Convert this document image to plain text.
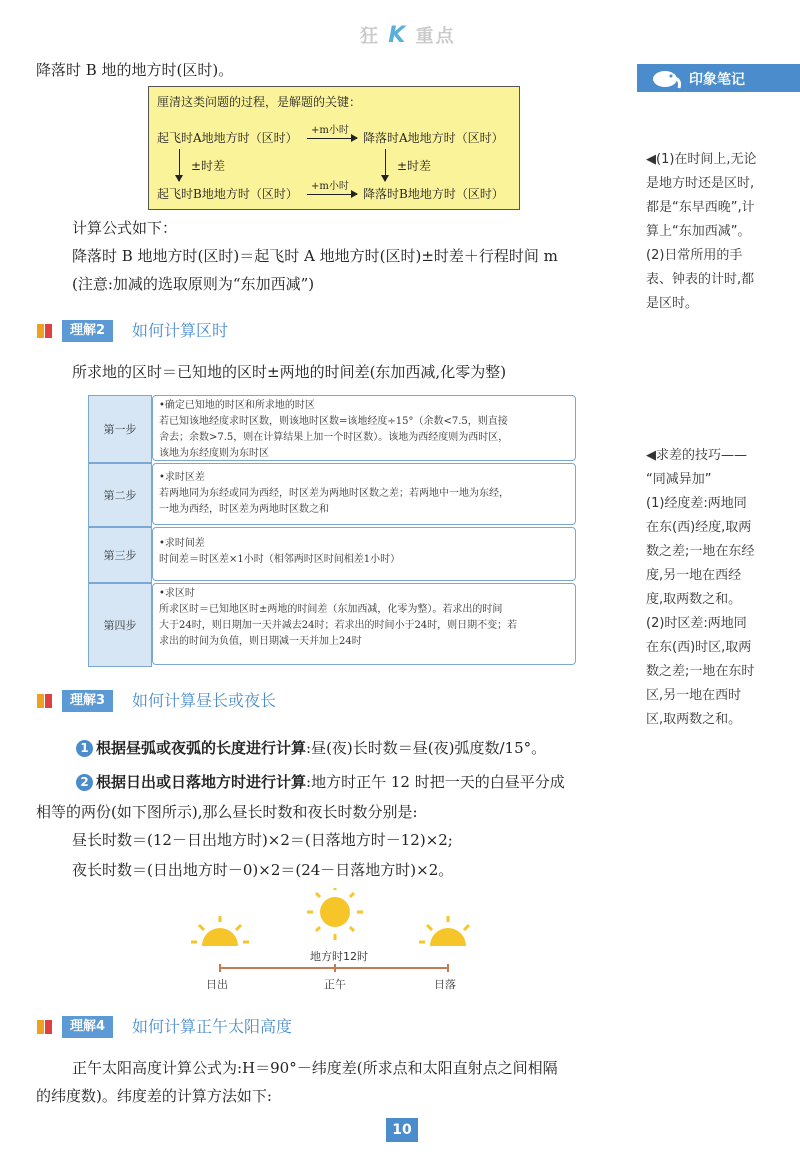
狂 K 重点
降落时 B 地的地方时(区时)。
厘清这类问题的过程，是解题的关键：
起飞时A地地方时（区时）	降落时A地地方时（区时）
起飞时B地地方时（区时）	降落时B地地方时（区时）
+m小时
+m小时
±时差	±时差
计算公式如下：
降落时 B 地地方时(区时)＝起飞时 A 地地方时(区时)±时差＋行程时间 m
(注意:加减的选取原则为“东加西减”)
理解2	如何计算区时
所求地的区时＝已知地的区时±两地的时间差(东加西减,化零为整)
第一步
•确定已知地的时区和所求地的时区
若已知该地经度求时区数，则该地时区数=该地经度÷15°（余数<7.5，则直接
舍去；余数>7.5，则在计算结果上加一个时区数）。该地为西经度则为西时区，
该地为东经度则为东时区
第二步
•求时区差
若两地同为东经或同为西经，时区差为两地时区数之差；若两地中一地为东经，
一地为西经，时区差为两地时区数之和
第三步
•求时间差
时间差＝时区差×1小时（相邻两时区时间相差1小时）
第四步
•求区时
所求区时＝已知地区时±两地的时间差（东加西减，化零为整）。若求出的时间
大于24时，则日期加一天并减去24时；若求出的时间小于24时，则日期不变；若
求出的时间为负值，则日期减一天并加上24时
理解3	如何计算昼长或夜长
1 根据昼弧或夜弧的长度进行计算:昼(夜)长时数＝昼(夜)弧度数/15°。
2 根据日出或日落地方时进行计算:地方时正午 12 时把一天的白昼平分成
相等的两份(如下图所示),那么昼长时数和夜长时数分别是:
昼长时数＝(12－日出地方时)×2＝(日落地方时－12)×2;
夜长时数＝(日出地方时－0)×2＝(24－日落地方时)×2。
地方时12时
日出	正午	日落
理解4	如何计算正午太阳高度
正午太阳高度计算公式为:H＝90°－纬度差(所求点和太阳直射点之间相隔
的纬度数)。纬度差的计算方法如下:
印象笔记
◀(1)在时间上,无论
是地方时还是区时,
都是“东早西晚”,计
算上“东加西减”。
(2)日常所用的手
表、钟表的计时,都
是区时。
◀求差的技巧——
“同减异加”
(1)经度差:两地同
在东(西)经度,取两
数之差;一地在东经
度,另一地在西经
度,取两数之和。
(2)时区差:两地同
在东(西)时区,取两
数之差;一地在东时
区,另一地在西时
区,取两数之和。
10
